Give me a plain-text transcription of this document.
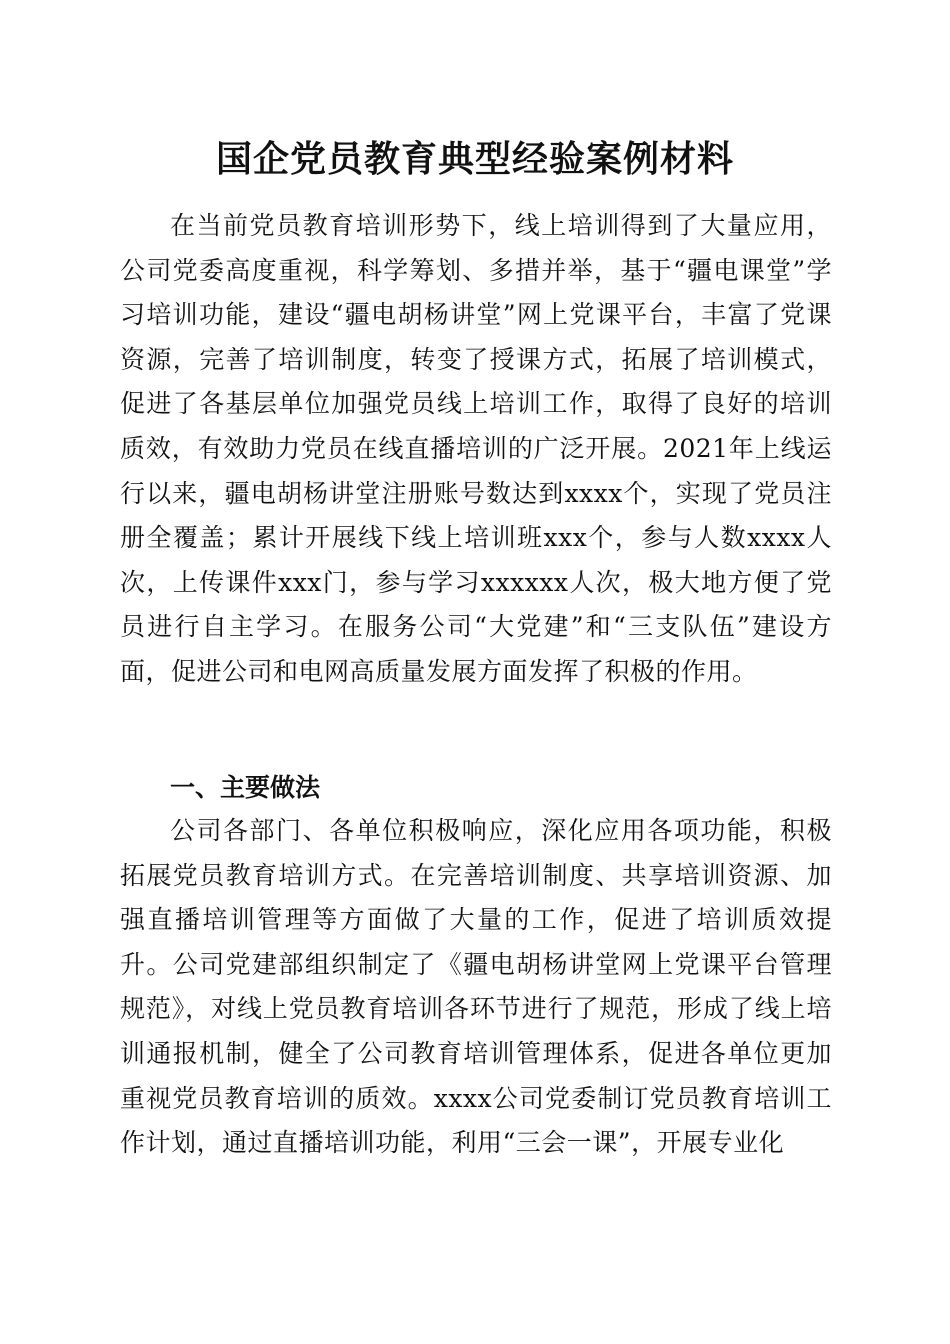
国企党员教育典型经验案例材料

在当前党员教育培训形势下，线上培训得到了大量应用，公司党委高度重视，科学筹划、多措并举，基于“疆电课堂”学习培训功能，建设“疆电胡杨讲堂”网上党课平台，丰富了党课资源，完善了培训制度，转变了授课方式，拓展了培训模式，促进了各基层单位加强党员线上培训工作，取得了良好的培训质效，有效助力党员在线直播培训的广泛开展。2021年上线运行以来，疆电胡杨讲堂注册账号数达到xxxx个，实现了党员注册全覆盖；累计开展线下线上培训班xxx个，参与人数xxxx人次，上传课件xxx门，参与学习xxxxxx人次，极大地方便了党员进行自主学习。在服务公司“大党建”和“三支队伍”建设方面，促进公司和电网高质量发展方面发挥了积极的作用。

一、主要做法

公司各部门、各单位积极响应，深化应用各项功能，积极拓展党员教育培训方式。在完善培训制度、共享培训资源、加强直播培训管理等方面做了大量的工作，促进了培训质效提升。公司党建部组织制定了《疆电胡杨讲堂网上党课平台管理规范》，对线上党员教育培训各环节进行了规范，形成了线上培训通报机制，健全了公司教育培训管理体系，促进各单位更加重视党员教育培训的质效。xxxx公司党委制订党员教育培训工作计划，通过直播培训功能，利用“三会一课”，开展专业化
